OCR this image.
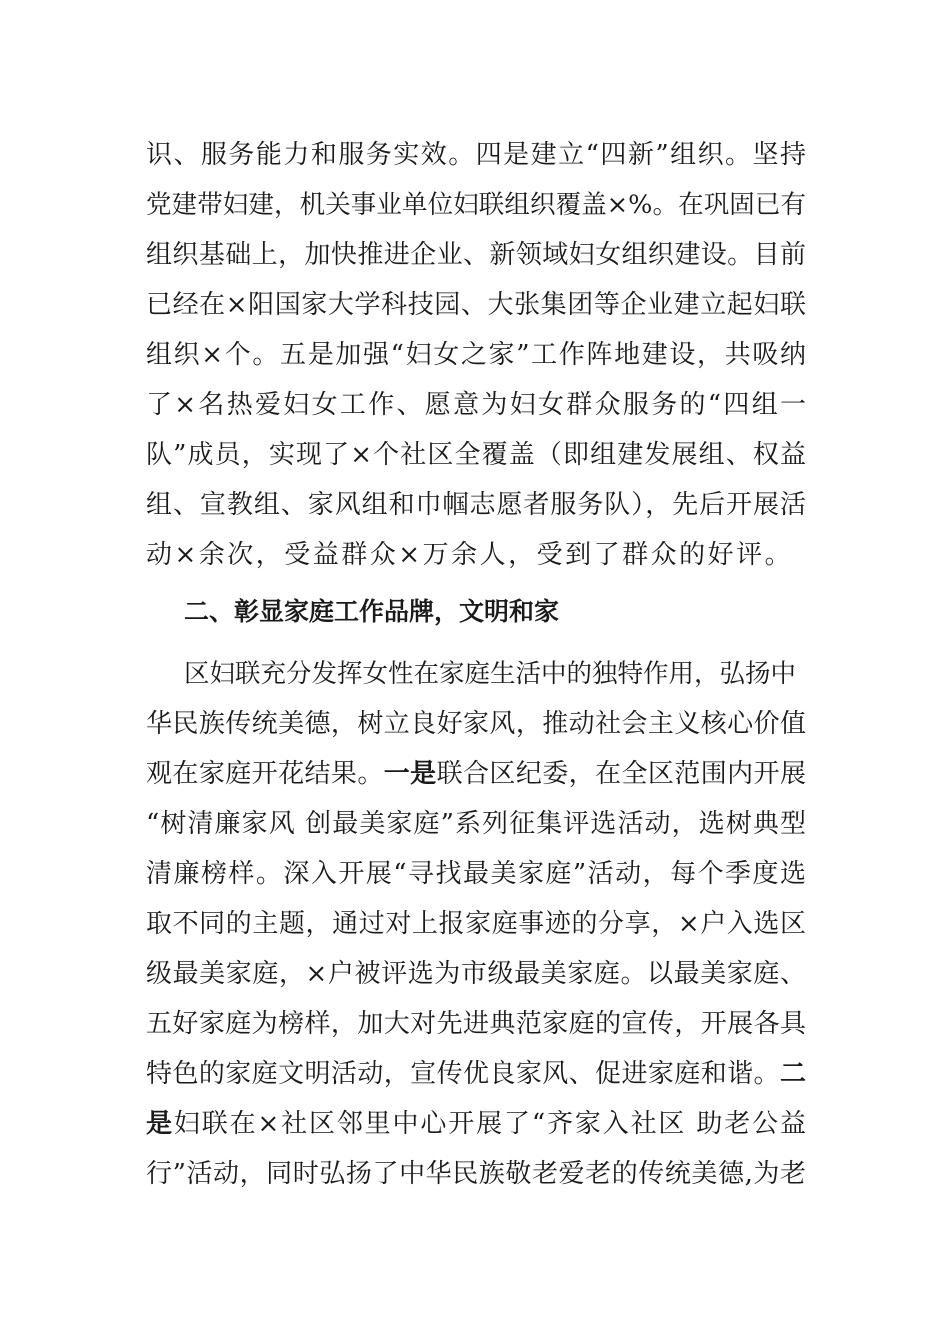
识、服务能力和服务实效。四是建立“四新”组织。坚持
党建带妇建，机关事业单位妇联组织覆盖×%。在巩固已有
组织基础上，加快推进企业、新领域妇女组织建设。目前
已经在×阳国家大学科技园、大张集团等企业建立起妇联
组织×个。五是加强“妇女之家”工作阵地建设，共吸纳
了×名热爱妇女工作、愿意为妇女群众服务的“四组一
队”成员，实现了×个社区全覆盖（即组建发展组、权益
组、宣教组、家风组和巾帼志愿者服务队），先后开展活
动×余次，受益群众×万余人，受到了群众的好评。
二、彰显家庭工作品牌，文明和家
区妇联充分发挥女性在家庭生活中的独特作用，弘扬中
华民族传统美德，树立良好家风，推动社会主义核心价值
观在家庭开花结果。一是联合区纪委，在全区范围内开展
“树清廉家风 创最美家庭”系列征集评选活动，选树典型
清廉榜样。深入开展“寻找最美家庭”活动，每个季度选
取不同的主题，通过对上报家庭事迹的分享，×户入选区
级最美家庭，×户被评选为市级最美家庭。以最美家庭、
五好家庭为榜样，加大对先进典范家庭的宣传，开展各具
特色的家庭文明活动，宣传优良家风、促进家庭和谐。二
是妇联在×社区邻里中心开展了“齐家入社区 助老公益
行”活动，同时弘扬了中华民族敬老爱老的传统美德,为老
